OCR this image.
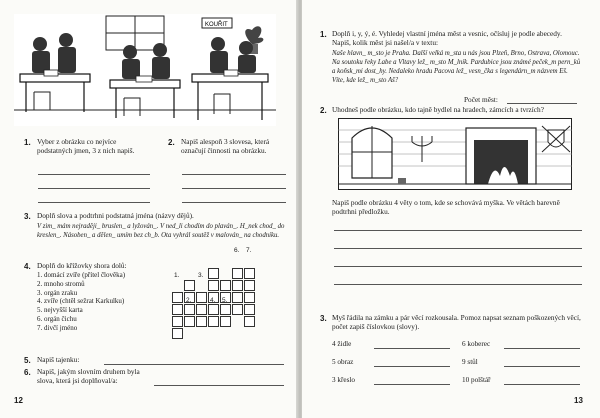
KOUŘIT
1. Vyber z obrázku co nejvíce podstatných jmen, 3 z nich napiš.
2. Napiš alespoň 3 slovesa, která označují činnosti na obrázku.
3. Doplň slova a podtrhni podstatná jména (názvy dějů).
V zim_ mám nejraději_ bruslen_ a lyžován_. V ned_li chodím do plaván_. H_nek chod_ do kreslen_. Násoben_ a dělen_ umím bez ch_b. Ota vyhrál soutěž v malován_ na chodníku.
4. Doplň do křížovky shora dolů:
1. domácí zvíře (přítel člověka)
2. mnoho stromů
3. orgán zraku
4. zvíře (chtěl sežrat Karkulku)
5. nejvyšší karta
6. orgán čichu
7. divčí jméno
1.	3.
6. 7.
2.	4. 5.
5. Napiš tajenku:
6. Napiš, jakým slovním druhem byla slova, která jsi doplňoval/a:
12
1. Doplň i, y, ý, é. Vyhledej vlastní jména měst a vesnic, očísluj je podle abecedy. Napiš, kolik měst jsi našel/a v textu:
Naše hlavn_ m_sto je Praha. Další velká m_sta u nás jsou Plzeň, Brno, Ostrava, Olomouc. Na soutoku řeky Labe a Vltavy lež_ m_sto M_lník. Pardubice jsou známé peček_m pern_ků a koňsk_mi dost_hy. Nedaleko hradu Pacova lež_ vesn_čka s legendárn_m názvem Eš. Víte, kde lež_ m_sto Aš?
Počet měst:
2. Uhodneš podle obrázku, kdo tajně bydlel na hradech, zámcích a tvrzích?
Napiš podle obrázku 4 věty o tom, kde se schovává myška. Ve větách barevně podtrhni předložku.
3. Myš řádila na zámku a pár věcí rozkousala. Pomoz napsat seznam poškozených věcí, počet zapiš číslovkou (slovy).
13
4 židle	6 koberec
5 obraz	9 stůl
3 křeslo	10 polštář
